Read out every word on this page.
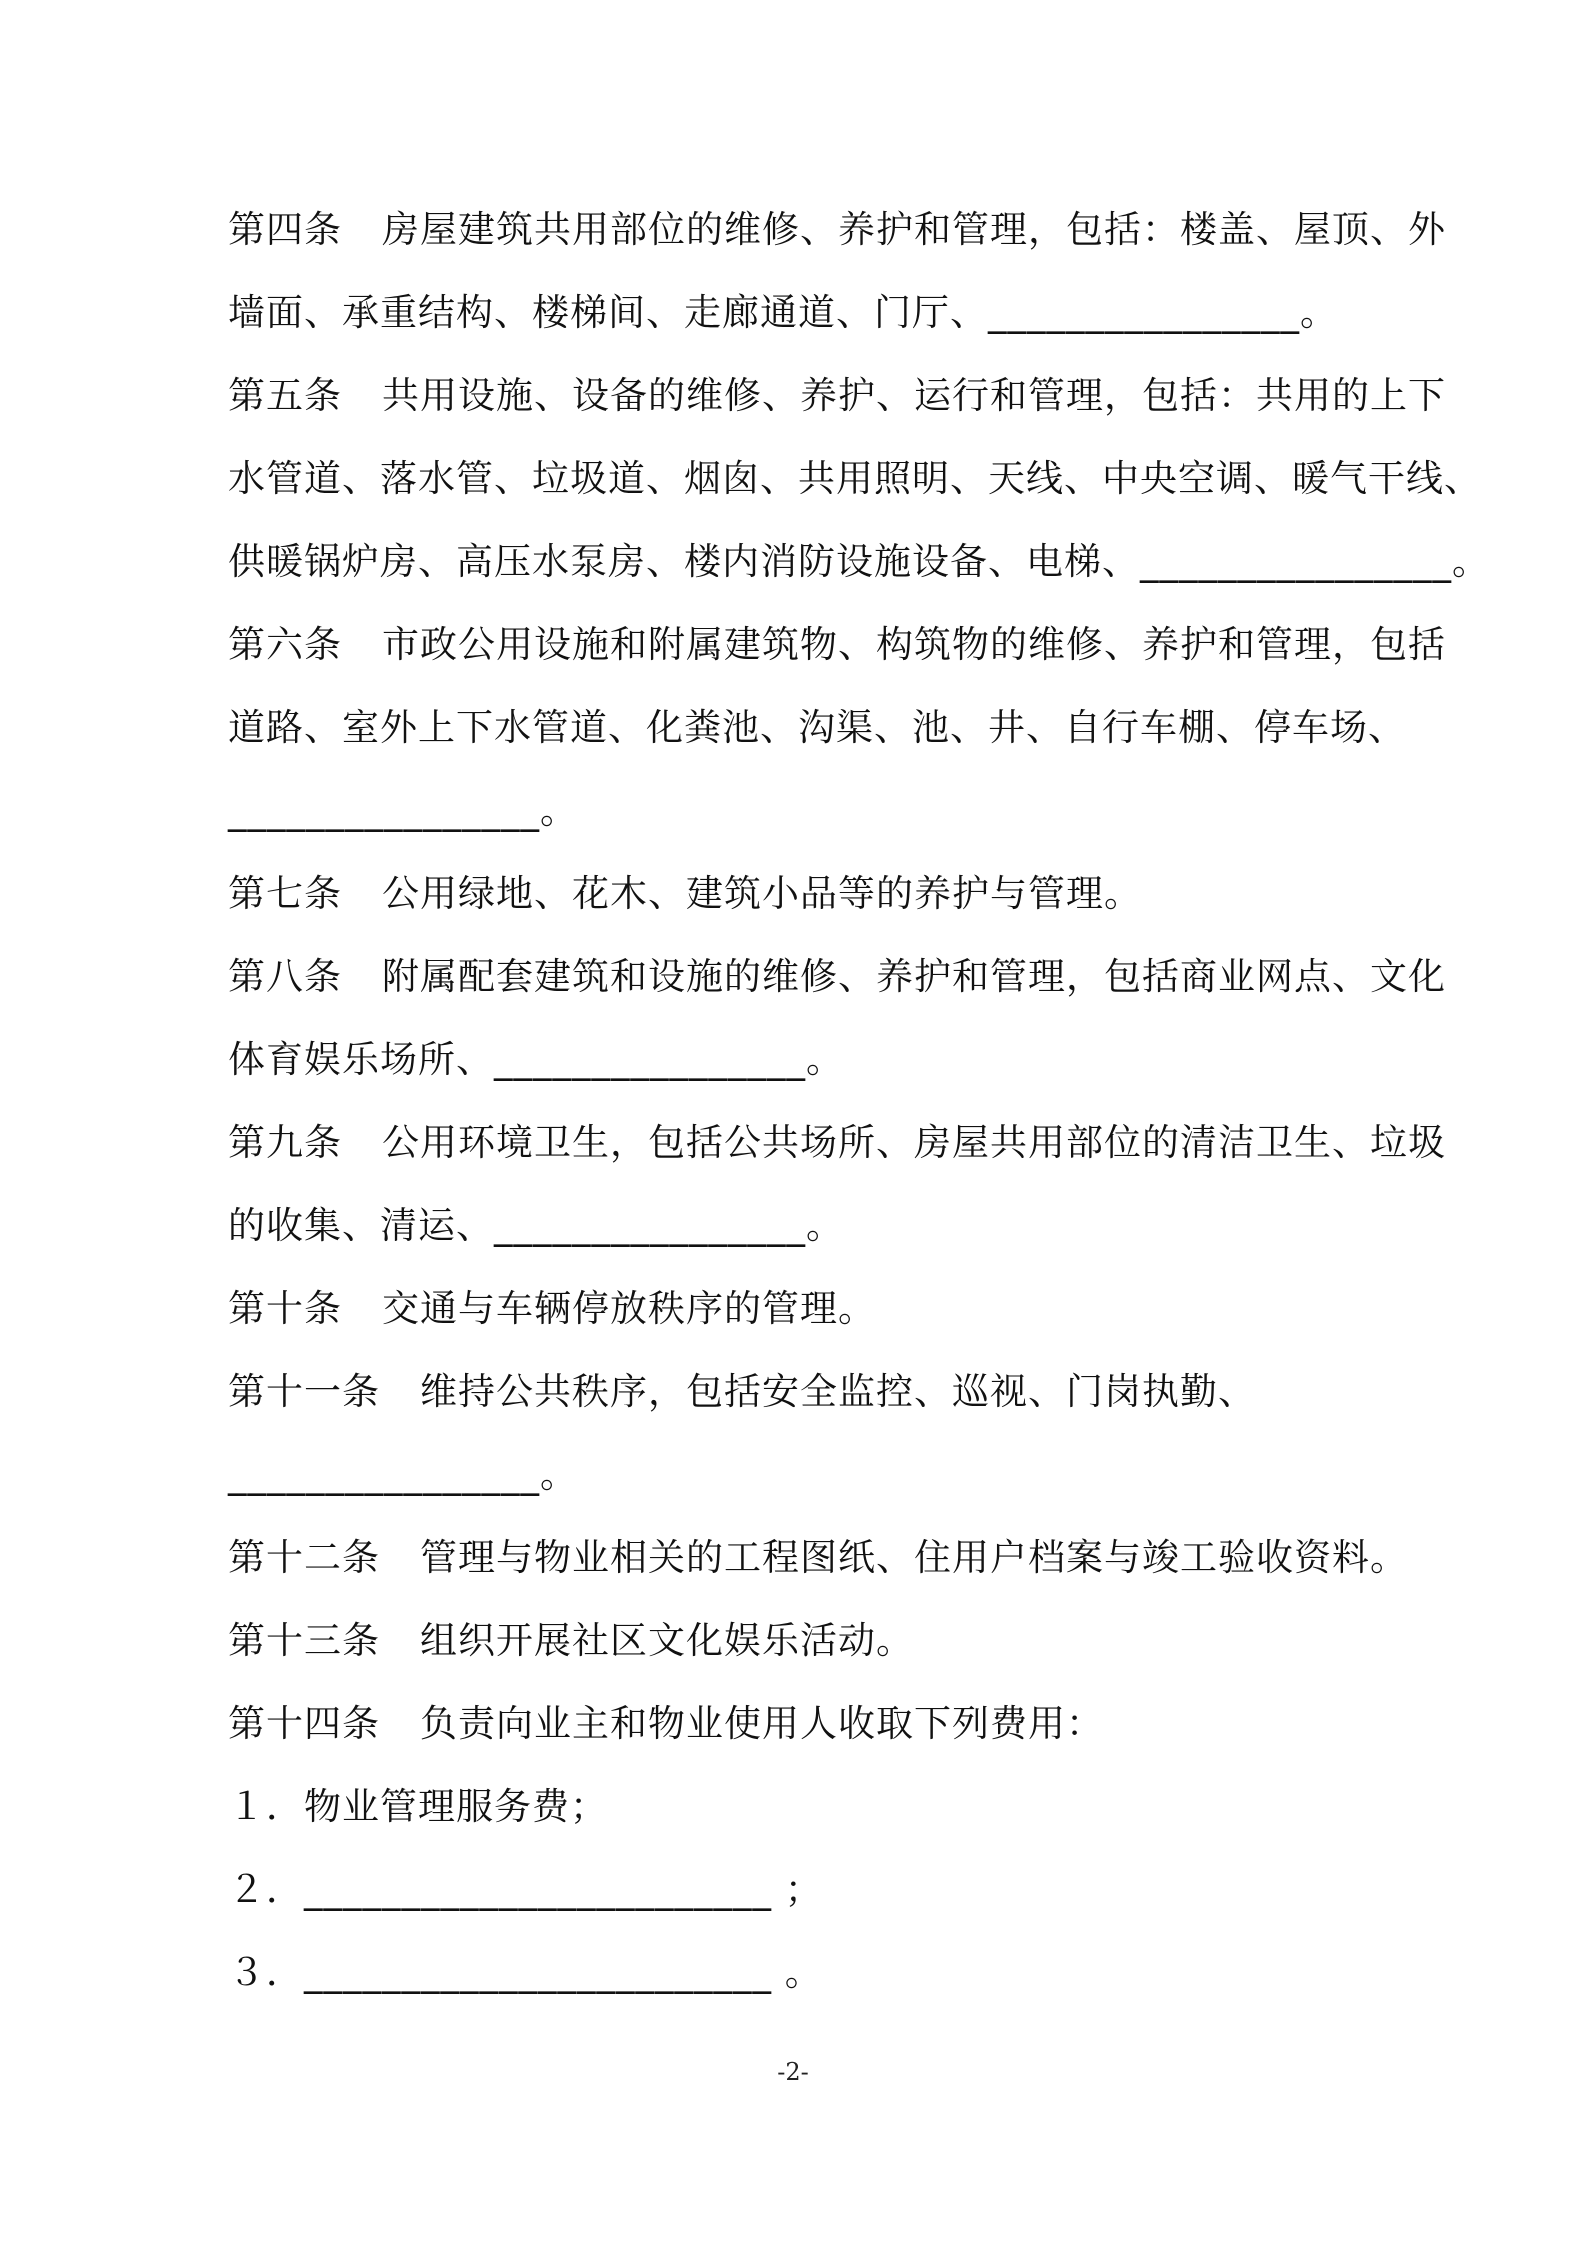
第四条 房屋建筑共用部位的维修、养护和管理，包括：楼盖、屋顶、外
墙面、承重结构、楼梯间、走廊通道、门厅、________________。
第五条 共用设施、设备的维修、养护、运行和管理，包括：共用的上下
水管道、落水管、垃圾道、烟囱、共用照明、天线、中央空调、暖气干线、
供暖锅炉房、高压水泵房、楼内消防设施设备、电梯、________________。
第六条 市政公用设施和附属建筑物、构筑物的维修、养护和管理，包括
道路、室外上下水管道、化粪池、沟渠、池、井、自行车棚、停车场、
________________。
第七条 公用绿地、花木、建筑小品等的养护与管理。
第八条 附属配套建筑和设施的维修、养护和管理，包括商业网点、文化
体育娱乐场所、________________。
第九条 公用环境卫生，包括公共场所、房屋共用部位的清洁卫生、垃圾
的收集、清运、________________。
第十条 交通与车辆停放秩序的管理。
第十一条 维持公共秩序，包括安全监控、巡视、门岗执勤、
________________。
第十二条 管理与物业相关的工程图纸、住用户档案与竣工验收资料。
第十三条 组织开展社区文化娱乐活动。
第十四条 负责向业主和物业使用人收取下列费用：
１．物业管理服务费；
２．________________________ ；
３．________________________ 。
-2-
